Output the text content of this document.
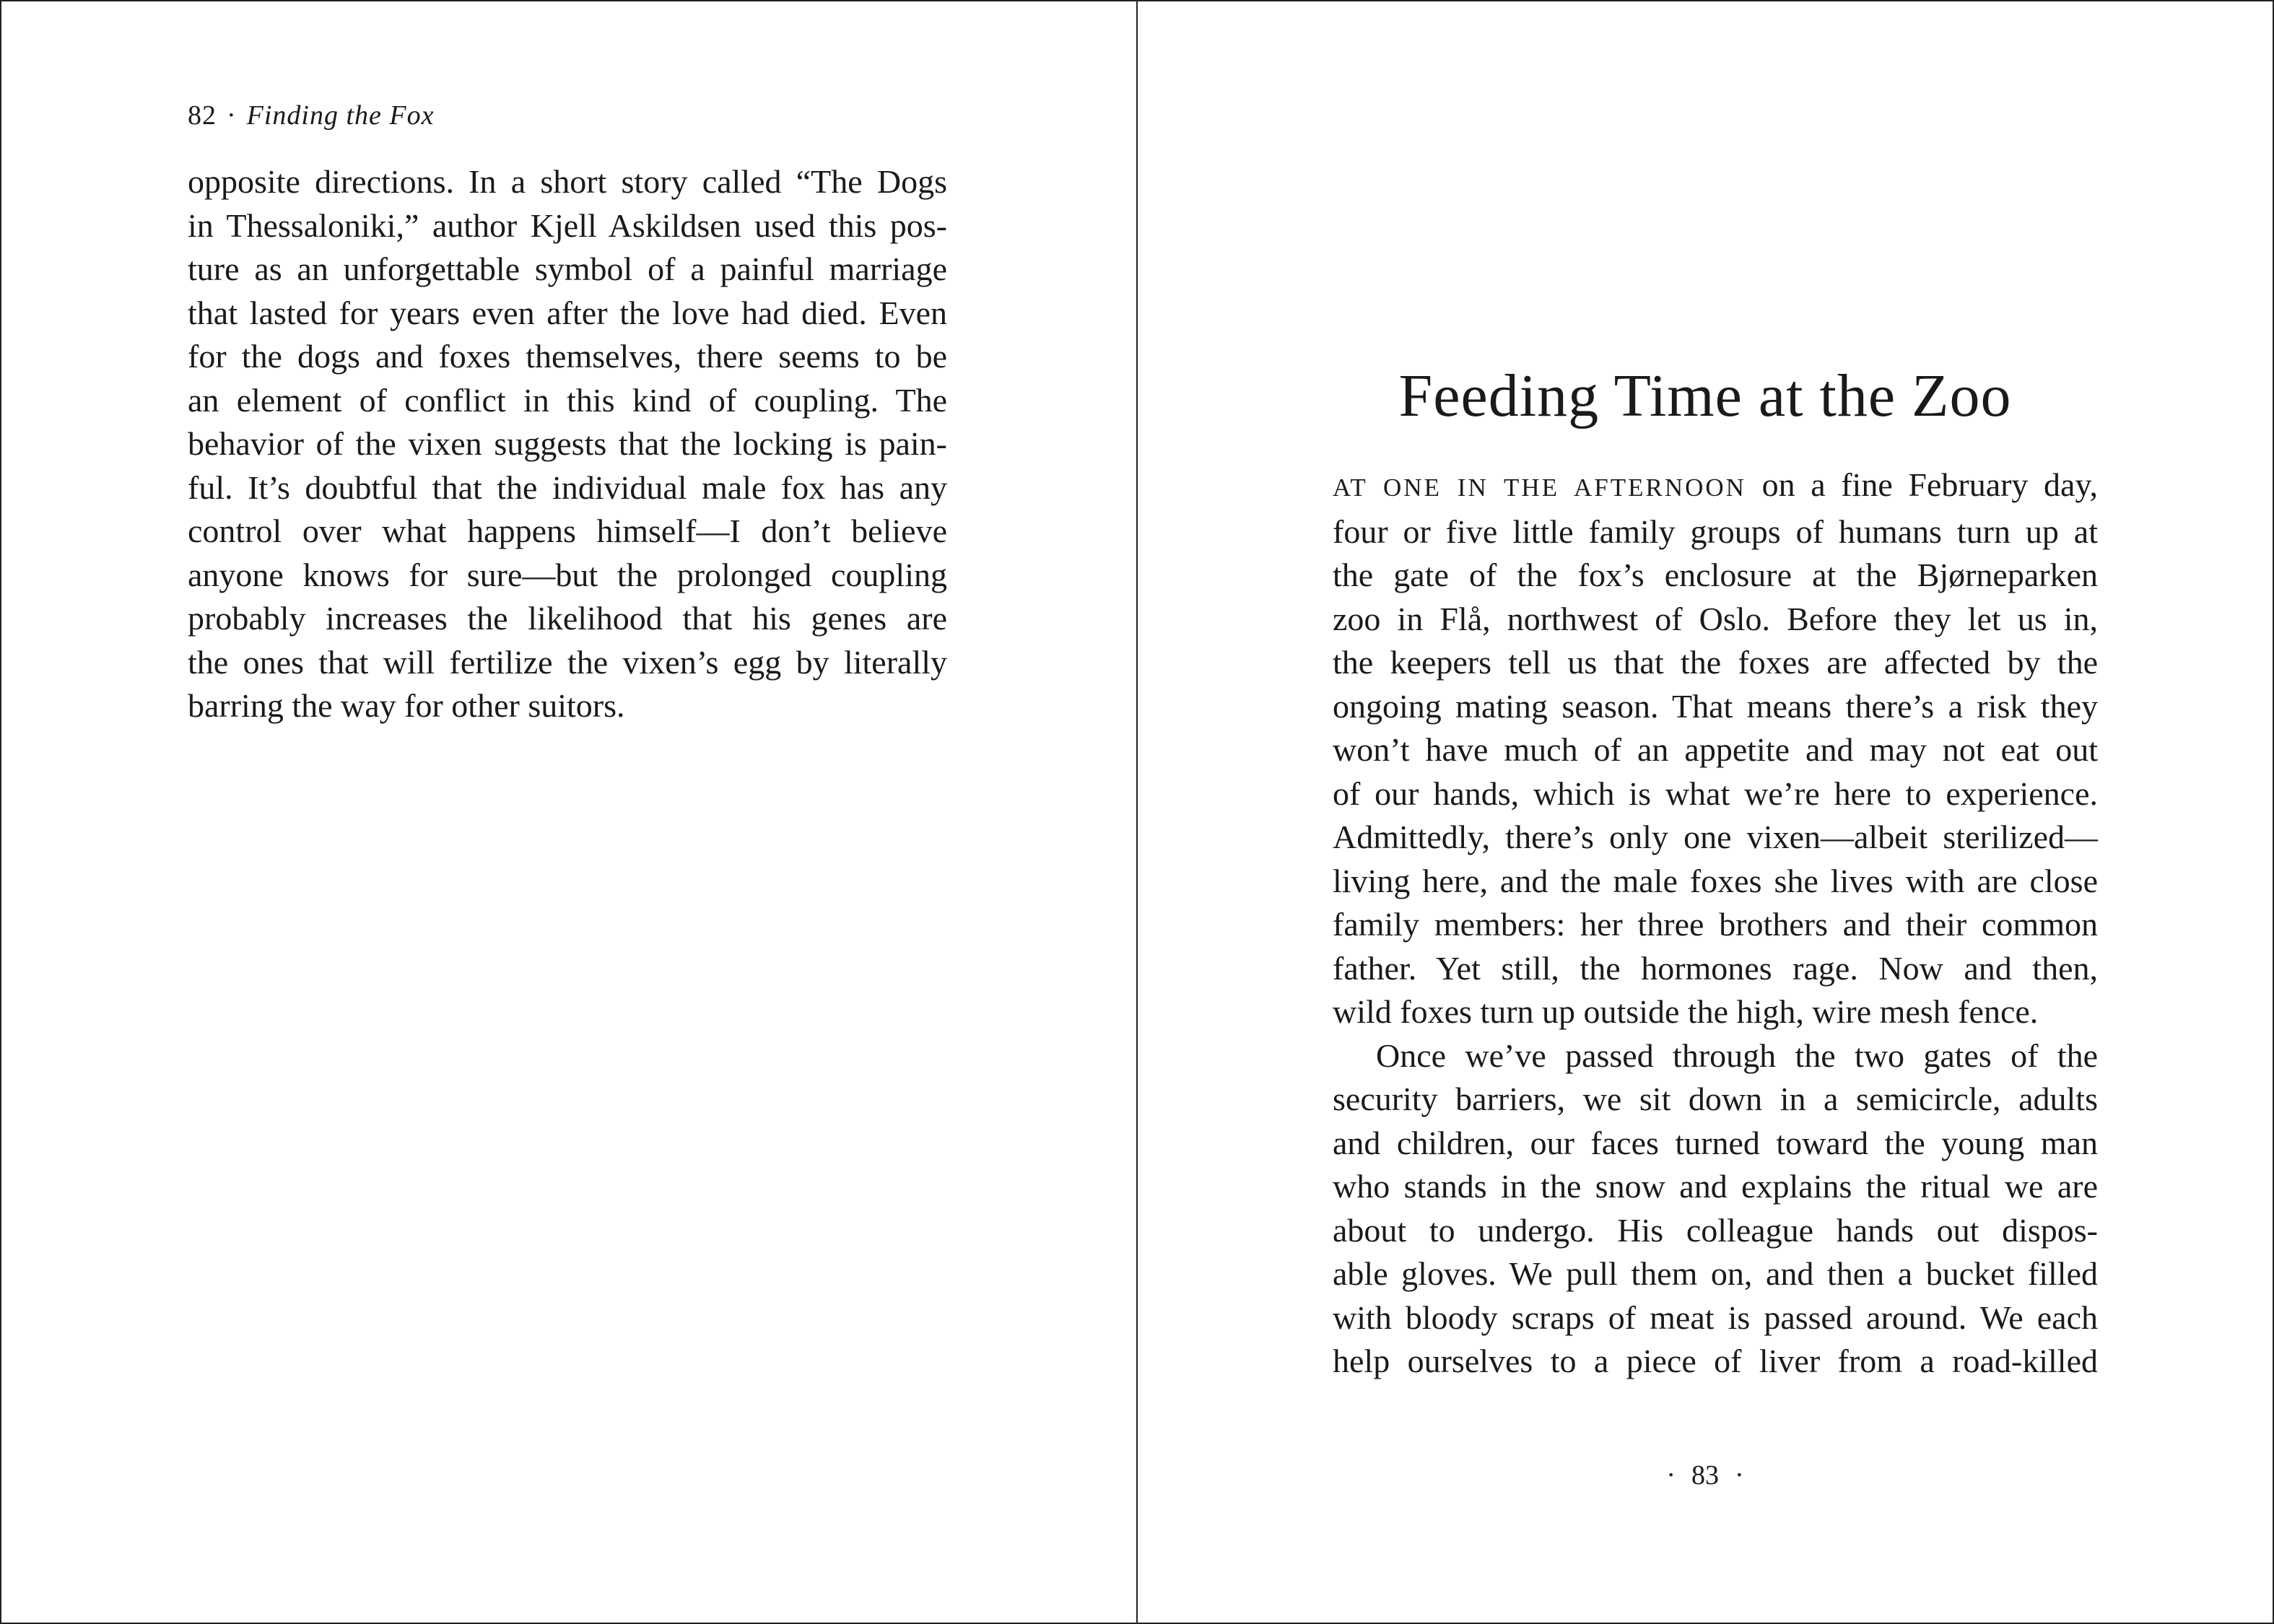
82 · Finding the Fox
opposite directions. In a short story called “The Dogs
in Thessaloniki,” author Kjell Askildsen used this pos-
ture as an unforgettable symbol of a painful marriage
that lasted for years even after the love had died. Even
for the dogs and foxes themselves, there seems to be
an element of conflict in this kind of coupling. The
behavior of the vixen suggests that the locking is pain-
ful. It’s doubtful that the individual male fox has any
control over what happens himself—I don’t believe
anyone knows for sure—but the prolonged coupling
probably increases the likelihood that his genes are
the ones that will fertilize the vixen’s egg by literally
barring the way for other suitors.
Feeding Time at the Zoo
AT ONE IN THE AFTERNOON on a fine February day,
four or five little family groups of humans turn up at
the gate of the fox’s enclosure at the Bjørneparken
zoo in Flå, northwest of Oslo. Before they let us in,
the keepers tell us that the foxes are affected by the
ongoing mating season. That means there’s a risk they
won’t have much of an appetite and may not eat out
of our hands, which is what we’re here to experience.
Admittedly, there’s only one vixen—albeit sterilized—
living here, and the male foxes she lives with are close
family members: her three brothers and their common
father. Yet still, the hormones rage. Now and then,
wild foxes turn up outside the high, wire mesh fence.
Once we’ve passed through the two gates of the
security barriers, we sit down in a semicircle, adults
and children, our faces turned toward the young man
who stands in the snow and explains the ritual we are
about to undergo. His colleague hands out dispos-
able gloves. We pull them on, and then a bucket filled
with bloody scraps of meat is passed around. We each
help ourselves to a piece of liver from a road-killed
· 83 ·
